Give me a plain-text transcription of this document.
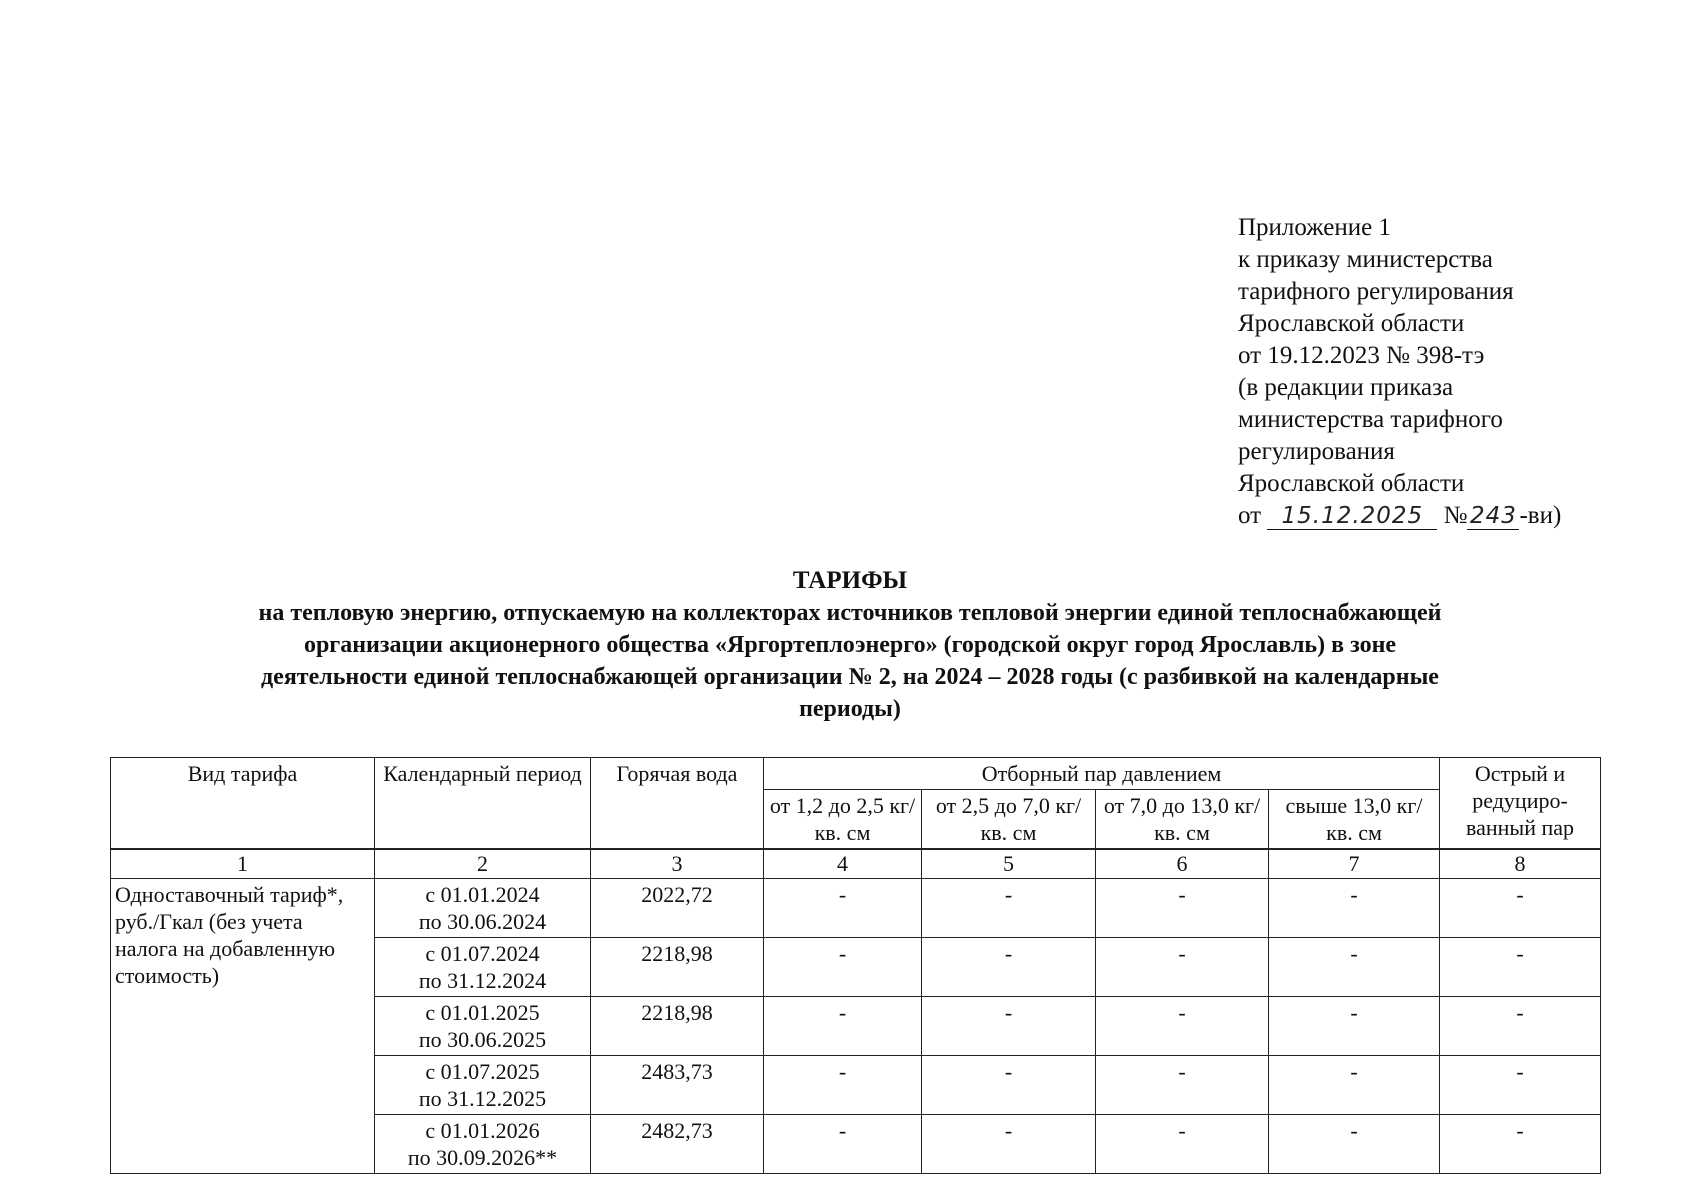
Приложение 1
к приказу министерства
тарифного регулирования
Ярославской области
от 19.12.2023 № 398-тэ
(в редакции приказа
министерства тарифного
регулирования
Ярославской области
от 15.12.2025 № 243 -ви)
ТАРИФЫ
на тепловую энергию, отпускаемую на коллекторах источников тепловой энергии единой теплоснабжающей
организации акционерного общества «Яргортеплоэнерго» (городской округ город Ярославль) в зоне
деятельности единой теплоснабжающей организации № 2, на 2024 – 2028 годы (с разбивкой на календарные
периоды)
Вид тарифа	Календарный период	Горячая вода	Отборный пар давлением				Острый и редуциро-ванный пар
			от 1,2 до 2,5 кг/ кв. см	от 2,5 до 7,0 кг/ кв. см	от 7,0 до 13,0 кг/ кв. см	свыше 13,0 кг/ кв. см	
1	2	3	4	5	6	7	8
Одноставочный тариф*, руб./Гкал (без учета налога на добавленную стоимость)	с 01.01.2024
по 30.06.2024	2022,72	-	-	-	-	-

	с 01.07.2024
по 31.12.2024	2218,98	-	-	-	-	-

	с 01.01.2025
по 30.06.2025	2218,98	-	-	-	-	-

	с 01.07.2025
по 31.12.2025	2483,73	-	-	-	-	-

	с 01.01.2026
по 30.09.2026**	2482,73	-	-	-	-	-
